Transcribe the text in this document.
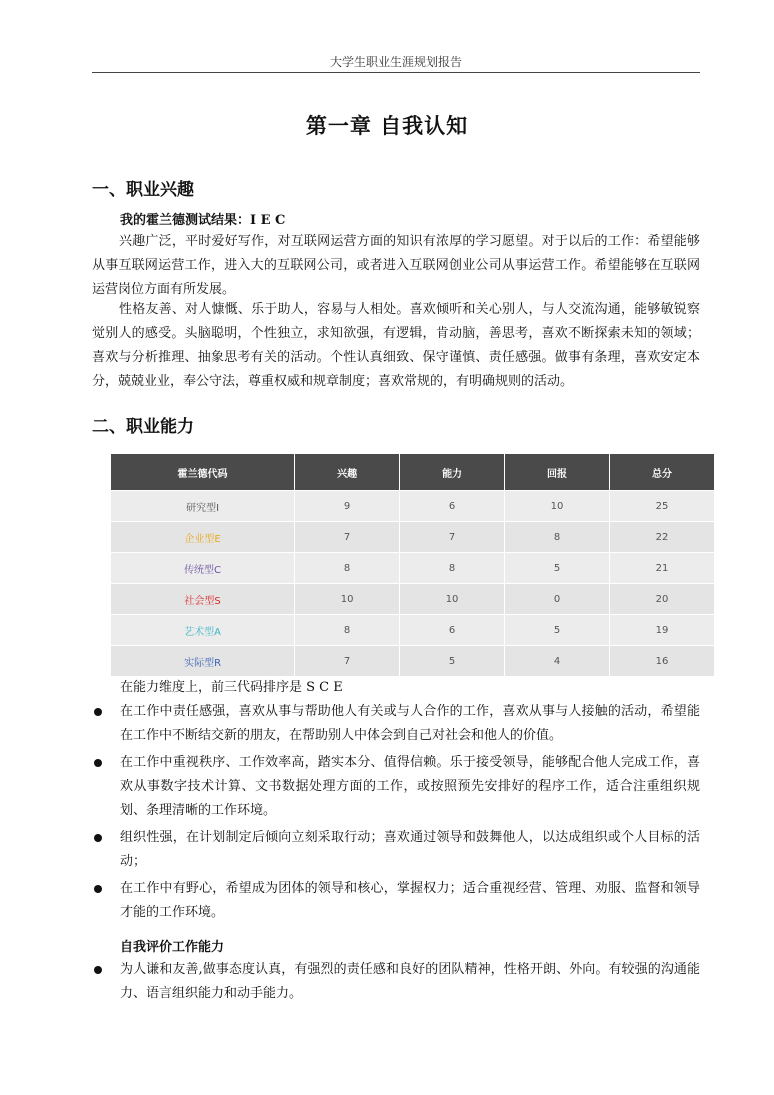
大学生职业生涯规划报告
第一章 自我认知
一、职业兴趣
我的霍兰德测试结果：I E C
兴趣广泛，平时爱好写作，对互联网运营方面的知识有浓厚的学习愿望。对于以后的工作：希望能够从事互联网运营工作，进入大的互联网公司，或者进入互联网创业公司从事运营工作。希望能够在互联网运营岗位方面有所发展。
性格友善、对人慷慨、乐于助人，容易与人相处。喜欢倾听和关心别人，与人交流沟通，能够敏锐察觉别人的感受。头脑聪明，个性独立，求知欲强，有逻辑，肯动脑，善思考，喜欢不断探索未知的领域；喜欢与分析推理、抽象思考有关的活动。个性认真细致、保守谨慎、责任感强。做事有条理，喜欢安定本分，兢兢业业，奉公守法，尊重权威和规章制度；喜欢常规的，有明确规则的活动。
二、职业能力
霍兰德代码	兴趣	能力	回报	总分
研究型I	9	6	10	25
企业型E	7	7	8	22
传统型C	8	8	5	21
社会型S	10	10	0	20
艺术型A	8	6	5	19
实际型R	7	5	4	16
在能力维度上，前三代码排序是 S C E
在工作中责任感强，喜欢从事与帮助他人有关或与人合作的工作，喜欢从事与人接触的活动，希望能在工作中不断结交新的朋友，在帮助别人中体会到自己对社会和他人的价值。
在工作中重视秩序、工作效率高，踏实本分、值得信赖。乐于接受领导，能够配合他人完成工作，喜欢从事数字技术计算、文书数据处理方面的工作，或按照预先安排好的程序工作，适合注重组织规划、条理清晰的工作环境。
组织性强，在计划制定后倾向立刻采取行动；喜欢通过领导和鼓舞他人，以达成组织或个人目标的活动；
在工作中有野心，希望成为团体的领导和核心，掌握权力；适合重视经营、管理、劝服、监督和领导才能的工作环境。
自我评价工作能力
为人谦和友善,做事态度认真，有强烈的责任感和良好的团队精神，性格开朗、外向。有较强的沟通能力、语言组织能力和动手能力。
